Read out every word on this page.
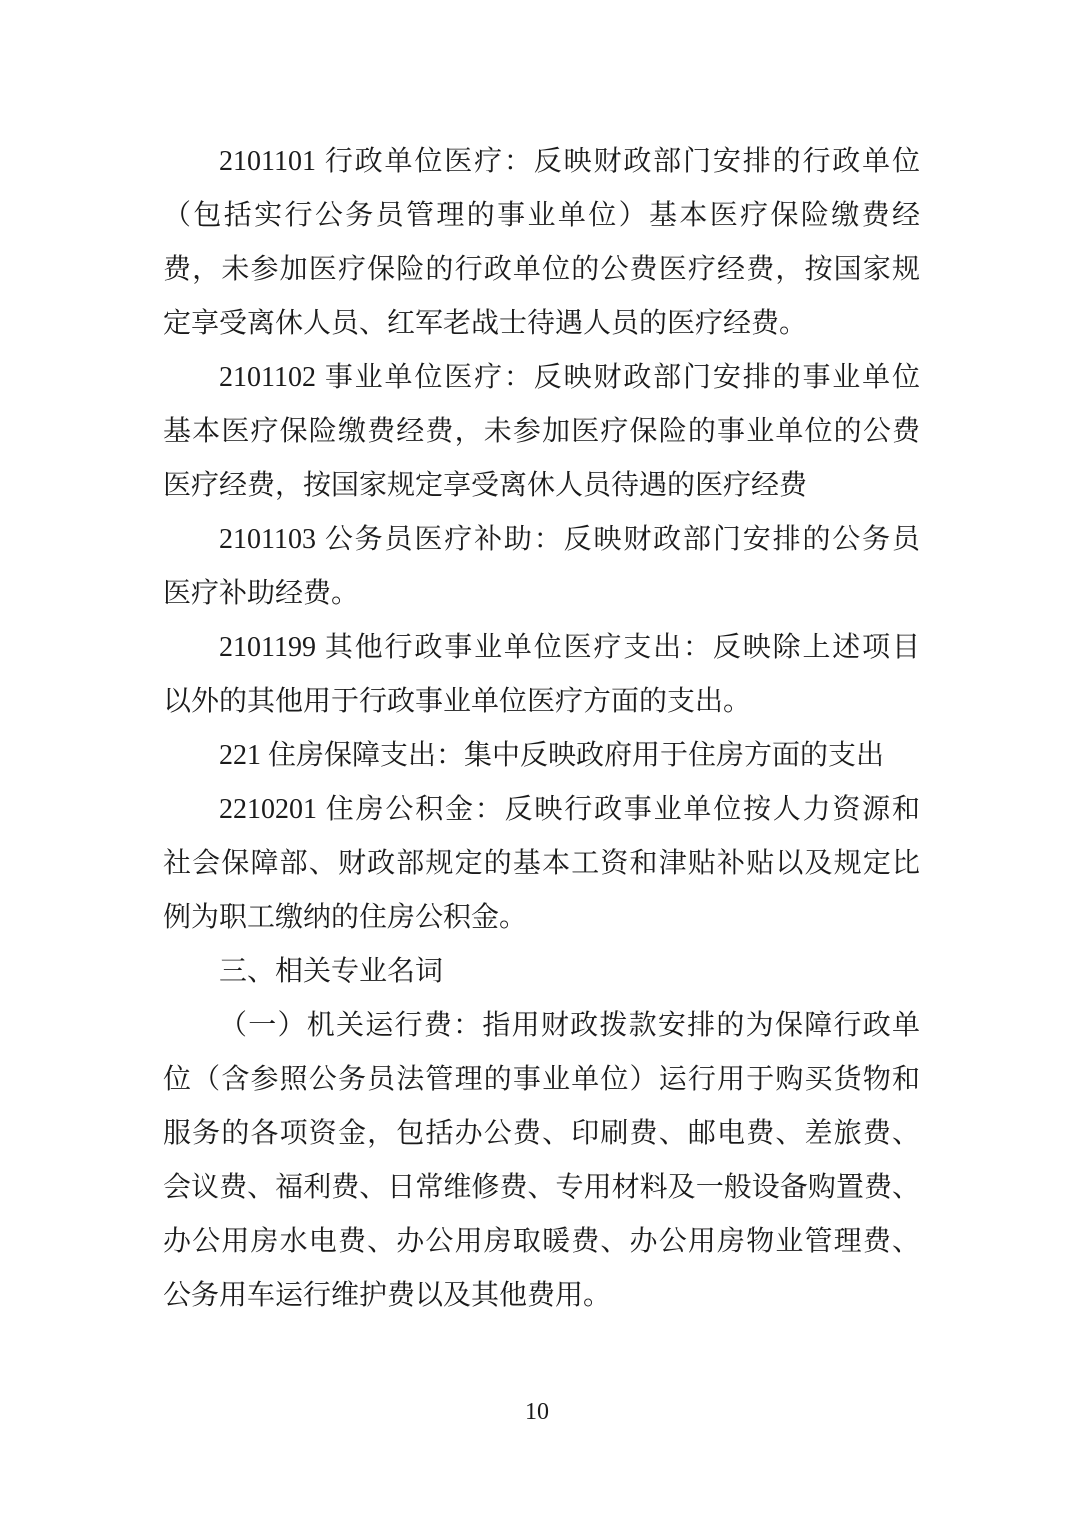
2101101 行政单位医疗：反映财政部门安排的行政单位
（包括实行公务员管理的事业单位）基本医疗保险缴费经
费，未参加医疗保险的行政单位的公费医疗经费，按国家规
定享受离休人员、红军老战士待遇人员的医疗经费。
2101102 事业单位医疗：反映财政部门安排的事业单位
基本医疗保险缴费经费，未参加医疗保险的事业单位的公费
医疗经费，按国家规定享受离休人员待遇的医疗经费
2101103 公务员医疗补助：反映财政部门安排的公务员
医疗补助经费。
2101199 其他行政事业单位医疗支出：反映除上述项目
以外的其他用于行政事业单位医疗方面的支出。
221 住房保障支出：集中反映政府用于住房方面的支出
2210201 住房公积金：反映行政事业单位按人力资源和
社会保障部、财政部规定的基本工资和津贴补贴以及规定比
例为职工缴纳的住房公积金。
三、相关专业名词
（一）机关运行费：指用财政拨款安排的为保障行政单
位（含参照公务员法管理的事业单位）运行用于购买货物和
服务的各项资金，包括办公费、印刷费、邮电费、差旅费、
会议费、福利费、日常维修费、专用材料及一般设备购置费、
办公用房水电费、办公用房取暖费、办公用房物业管理费、
公务用车运行维护费以及其他费用。
10
